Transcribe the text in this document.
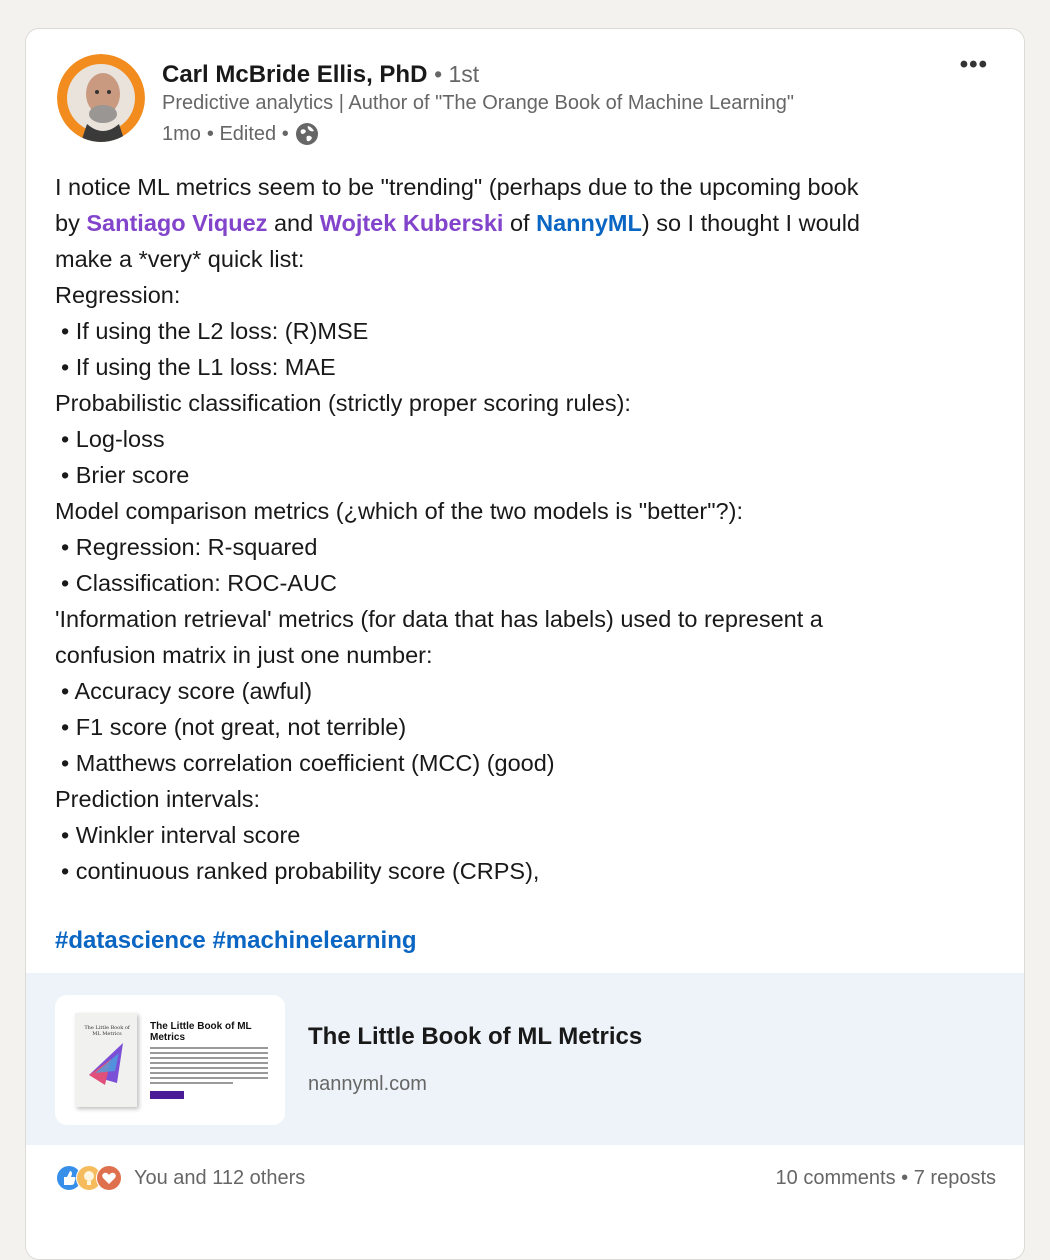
Carl McBride Ellis, PhD • 1st
Predictive analytics | Author of "The Orange Book of Machine Learning"
1mo • Edited •
•••
I notice ML metrics seem to be "trending" (perhaps due to the upcoming book
by Santiago Viquez and Wojtek Kuberski of NannyML) so I thought I would
make a *very* quick list:
Regression:
• If using the L2 loss: (R)MSE
• If using the L1 loss: MAE
Probabilistic classification (strictly proper scoring rules):
• Log-loss
• Brier score
Model comparison metrics (¿which of the two models is "better"?):
• Regression: R-squared
• Classification: ROC-AUC
'Information retrieval' metrics (for data that has labels) used to represent a
confusion matrix in just one number:
• Accuracy score (awful)
• F1 score (not great, not terrible)
• Matthews correlation coefficient (MCC) (good)
Prediction intervals:
• Winkler interval score
• continuous ranked probability score (CRPS),
#datascience #machinelearning
The Little Book of ML Metrics
The Little Book of ML Metrics	The Little Book of ML Metrics
nannyml.com
You and 112 others	10 comments • 7 reposts
